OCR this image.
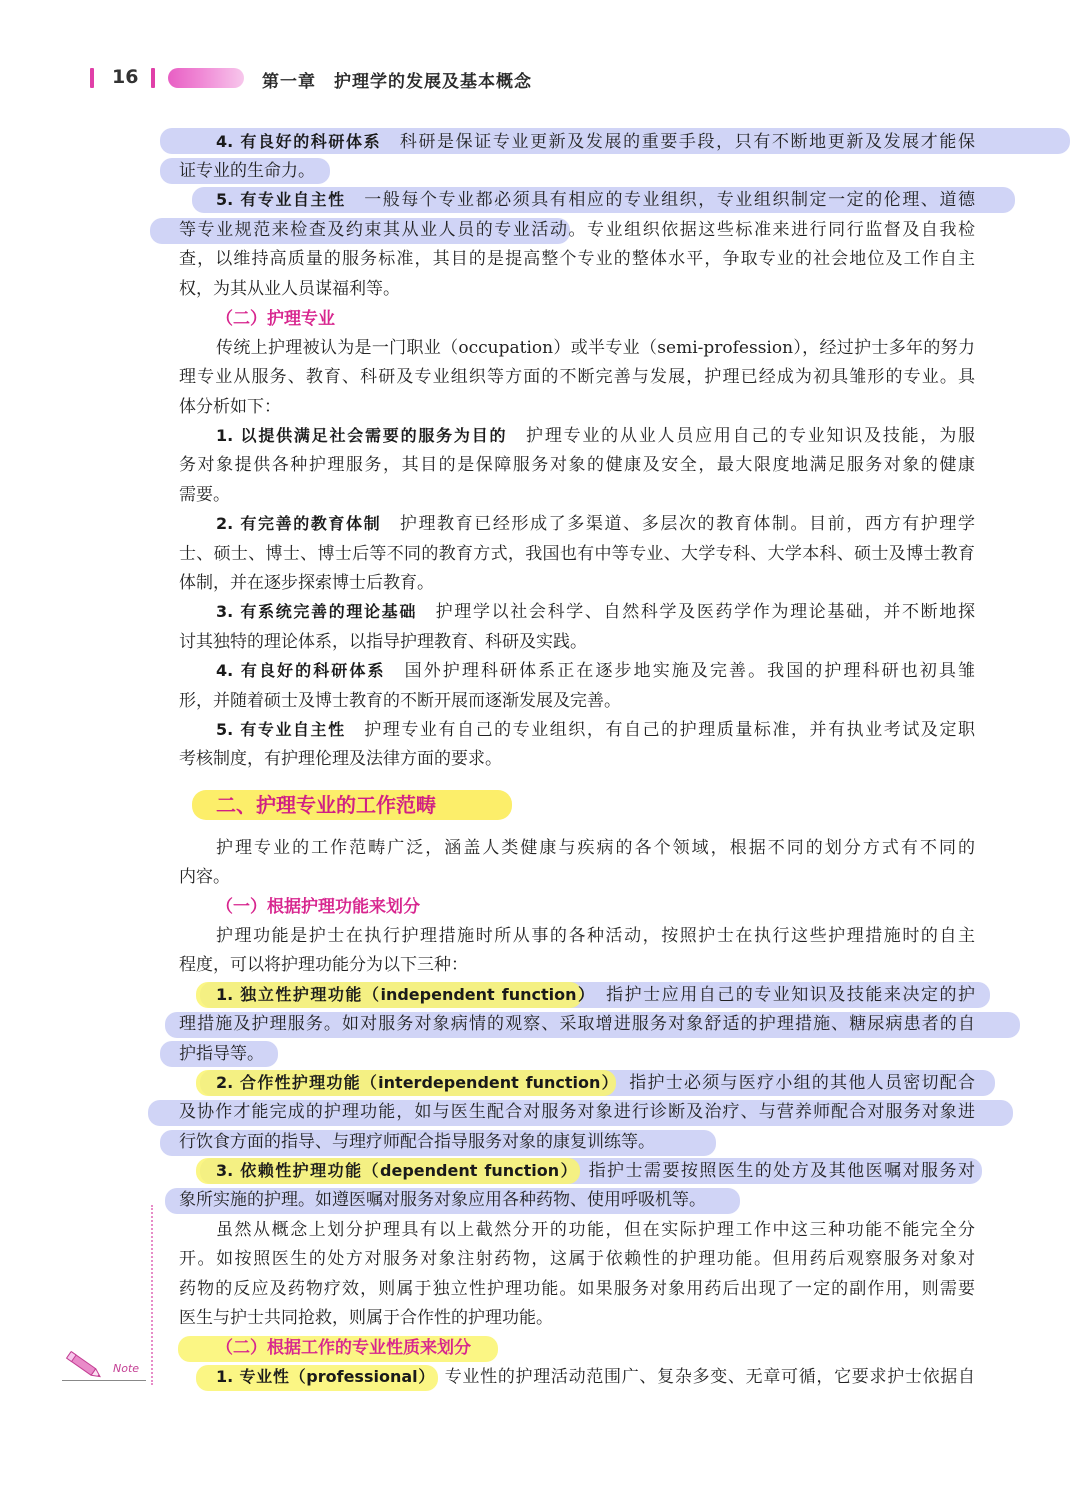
16	第一章　护理学的发展及基本概念
4. 有良好的科研体系　 科研是保证专业更新及发展的重要手段，只有不断地更新及发展才能保
证专业的生命力。
5. 有专业自主性　 一般每个专业都必须具有相应的专业组织，专业组织制定一定的伦理、道德
等专业规范来检查及约束其从业人员的专业活动。专业组织依据这些标准来进行同行监督及自我检
查，以维持高质量的服务标准，其目的是提高整个专业的整体水平，争取专业的社会地位及工作自主
权，为其从业人员谋福利等。
（二）护理专业
传统上护理被认为是一门职业（occupation）或半专业（semi-profession），经过护士多年的努力
理专业从服务、教育、科研及专业组织等方面的不断完善与发展，护理已经成为初具雏形的专业。具
体分析如下：
1. 以提供满足社会需要的服务为目的　 护理专业的从业人员应用自己的专业知识及技能，为服
务对象提供各种护理服务，其目的是保障服务对象的健康及安全，最大限度地满足服务对象的健康
需要。
2. 有完善的教育体制　 护理教育已经形成了多渠道、多层次的教育体制。目前，西方有护理学
士、硕士、博士、博士后等不同的教育方式，我国也有中等专业、大学专科、大学本科、硕士及博士教育
体制，并在逐步探索博士后教育。
3. 有系统完善的理论基础　 护理学以社会科学、自然科学及医药学作为理论基础，并不断地探
讨其独特的理论体系，以指导护理教育、科研及实践。
4. 有良好的科研体系　 国外护理科研体系正在逐步地实施及完善。我国的护理科研也初具雏
形，并随着硕士及博士教育的不断开展而逐渐发展及完善。
5. 有专业自主性　 护理专业有自己的专业组织，有自己的护理质量标准，并有执业考试及定职
考核制度，有护理伦理及法律方面的要求。
二、护理专业的工作范畴
护理专业的工作范畴广泛，涵盖人类健康与疾病的各个领域，根据不同的划分方式有不同的
内容。
（一）根据护理功能来划分
护理功能是护士在执行护理措施时所从事的各种活动，按照护士在执行这些护理措施时的自主
程度，可以将护理功能分为以下三种：
1. 独立性护理功能（independent function）　 指护士应用自己的专业知识及技能来决定的护
理措施及护理服务。如对服务对象病情的观察、采取增进服务对象舒适的护理措施、糖尿病患者的自
护指导等。
2. 合作性护理功能（interdependent function）　 指护士必须与医疗小组的其他人员密切配合
及协作才能完成的护理功能，如与医生配合对服务对象进行诊断及治疗、与营养师配合对服务对象进
行饮食方面的指导、与理疗师配合指导服务对象的康复训练等。
3. 依赖性护理功能（dependent function）　 指护士需要按照医生的处方及其他医嘱对服务对
象所实施的护理。如遵医嘱对服务对象应用各种药物、使用呼吸机等。
虽然从概念上划分护理具有以上截然分开的功能，但在实际护理工作中这三种功能不能完全分
开。如按照医生的处方对服务对象注射药物，这属于依赖性的护理功能。但用药后观察服务对象对
药物的反应及药物疗效，则属于独立性护理功能。如果服务对象用药后出现了一定的副作用，则需要
医生与护士共同抢救，则属于合作性的护理功能。
（二）根据工作的专业性质来划分
1. 专业性（professional）　 专业性的护理活动范围广、复杂多变、无章可循，它要求护士依据自
Note
